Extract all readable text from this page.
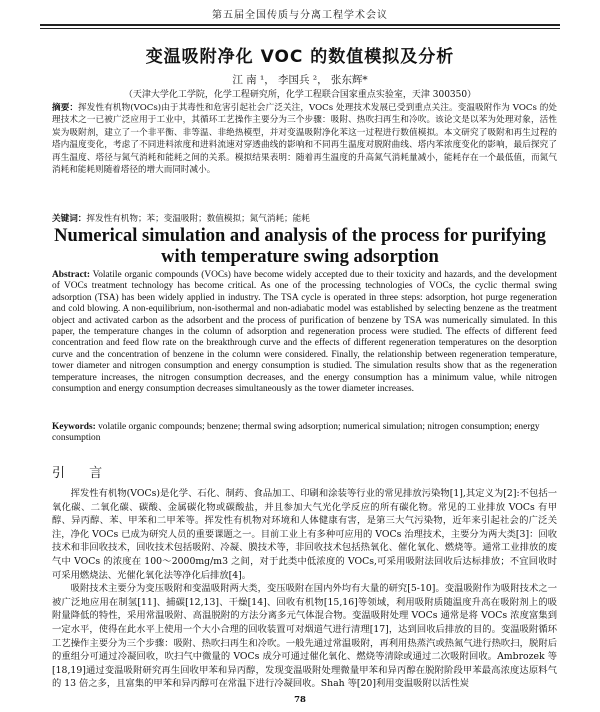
第五届全国传质与分离工程学术会议
变温吸附净化 VOC 的数值模拟及分析
江 南 ¹， 李国兵 ²， 张东辉*
（天津大学化工学院，化学工程研究所，化学工程联合国家重点实验室，天津 300350）

摘要：挥发性有机物(VOCs)由于其毒性和危害引起社会广泛关注，VOCs 处理技术发展已受到重点关注。变温吸附作为 VOCs 的处理技术之一已被广泛应用于工业中，其循环工艺操作主要分为三个步骤：吸附、热吹扫再生和冷吹。该论文是以苯为处理对象，活性炭为吸附剂，建立了一个非平衡、非等温、非绝热模型，并对变温吸附净化苯这一过程进行数值模拟。本文研究了吸附和再生过程的塔内温度变化，考虑了不同进料浓度和进料流速对穿透曲线的影响和不同再生温度对脱附曲线、塔内苯浓度变化的影响，最后探究了再生温度、塔径与氮气消耗和能耗之间的关系。模拟结果表明：随着再生温度的升高氮气消耗量减小，能耗存在一个最低值，而氮气消耗和能耗则随着塔径的增大而同时减小。

关键词：挥发性有机物；苯；变温吸附；数值模拟；氮气消耗；能耗

Numerical simulation and analysis of the process for purifying with temperature swing adsorption

Abstract: Volatile organic compounds (VOCs) have become widely accepted due to their toxicity and hazards, and the development of VOCs treatment technology has become critical. As one of the processing technologies of VOCs, the cyclic thermal swing adsorption (TSA) has been widely applied in industry. The TSA cycle is operated in three steps: adsorption, hot purge regeneration and cold blowing. A non-equilibrium, non-isothermal and non-adiabatic model was established by selecting benzene as the treatment object and activated carbon as the adsorbent and the process of purification of benzene by TSA was numerically simulated. In this paper, the temperature changes in the column of adsorption and regeneration process were studied. The effects of different feed concentration and feed flow rate on the breakthrough curve and the effects of different regeneration temperatures on the desorption curve and the concentration of benzene in the column were considered. Finally, the relationship between regeneration temperature, tower diameter and nitrogen consumption and energy consumption is studied. The simulation results show that as the regeneration temperature increases, the nitrogen consumption decreases, and the energy consumption has a minimum value, while nitrogen consumption and energy consumption decreases simultaneously as the tower diameter increases.

Keywords: volatile organic compounds; benzene; thermal swing adsorption; numerical simulation; nitrogen consumption; energy consumption

引 言

挥发性有机物(VOCs)是化学、石化、制药、食品加工、印刷和涂装等行业的常见排放污染物[1],其定义为[2]:不包括一氧化碳、二氧化碳、碳酸、金属碳化物或碳酸盐，并且参加大气光化学反应的所有碳化物。常见的工业排放 VOCs 有甲醇、异丙醇、苯、甲苯和二甲苯等。挥发性有机物对环境和人体健康有害，是第三大气污染物，近年来引起社会的广泛关注，净化 VOCs 已成为研究人员的重要课题之一。目前工业上有多种可应用的 VOCs 治理技术，主要分为两大类[3]：回收技术和非回收技术，回收技术包括吸附、冷凝、膜技术等，非回收技术包括热氧化、催化氧化、燃烧等。通常工业排放的废气中 VOCs 的浓度在 100～2000mg/m3 之间，对于此类中低浓度的 VOCs,可采用吸附法回收后达标排放；不宜回收时可采用燃烧法、光催化氧化法等净化后排放[4]。

吸附技术主要分为变压吸附和变温吸附两大类，变压吸附在国内外均有大量的研究[5-10]。变温吸附作为吸附技术之一被广泛地应用在制氢[11]、捕碳[12,13]、干燥[14]、回收有机物[15,16]等领域，利用吸附质随温度升高在吸附剂上的吸附量降低的特性，采用常温吸附、高温脱附的方法分离多元气体混合物。变温吸附处理 VOCs 通常是将 VOCs 浓度富集到一定水平，使得在此水平上使用一个大小合理的回收装置可对烟道气进行清理[17]，达到回收后排放的目的。变温吸附循环工艺操作主要分为三个步骤：吸附、热吹扫再生和冷吹。一般先通过常温吸附，再利用热蒸汽或热氮气进行热吹扫，脱附后的重组分可通过冷凝回收，吹扫气中微量的 VOCs 成分可通过催化氧化、燃烧等清除或通过二次吸附回收。Ambrozek 等[18,19]通过变温吸附研究再生回收甲苯和异丙醇，发现变温吸附处理微量甲苯和异丙醇在脱附阶段甲苯最高浓度达原料气的 13 倍之多，且富集的甲苯和异丙醇可在常温下进行冷凝回收。Shah 等[20]利用变温吸附以活性炭

78
